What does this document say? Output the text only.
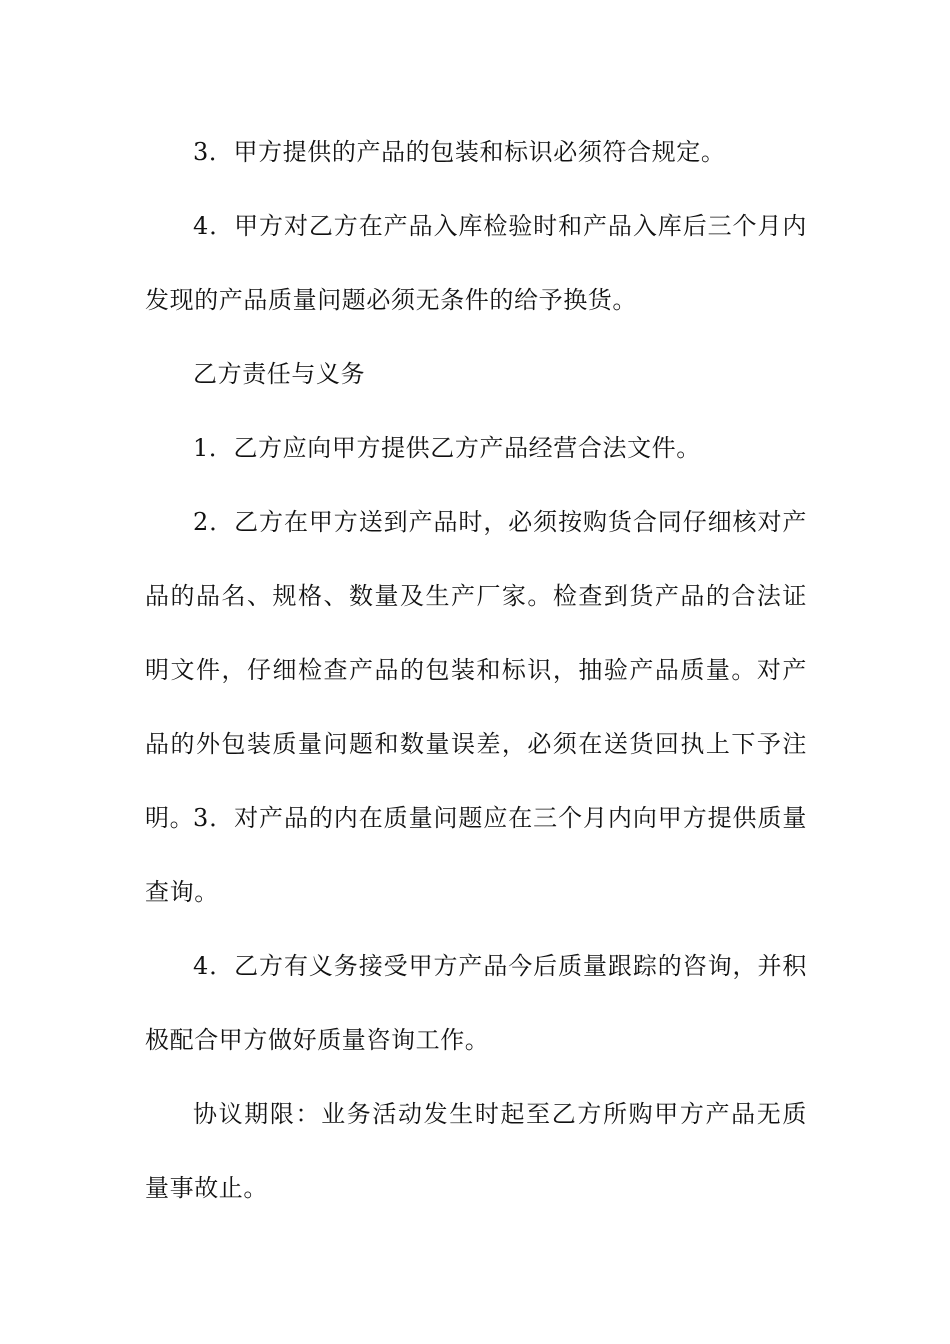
3．甲方提供的产品的包装和标识必须符合规定。

4．甲方对乙方在产品入库检验时和产品入库后三个月内发现的产品质量问题必须无条件的给予换货。

乙方责任与义务

1．乙方应向甲方提供乙方产品经营合法文件。

2．乙方在甲方送到产品时，必须按购货合同仔细核对产品的品名、规格、数量及生产厂家。检查到货产品的合法证明文件，仔细检查产品的包装和标识，抽验产品质量。对产品的外包装质量问题和数量误差，必须在送货回执上下予注明。

3．对产品的内在质量问题应在三个月内向甲方提供质量查询。

4．乙方有义务接受甲方产品今后质量跟踪的咨询，并积极配合甲方做好质量咨询工作。

协议期限：业务活动发生时起至乙方所购甲方产品无质量事故止。
